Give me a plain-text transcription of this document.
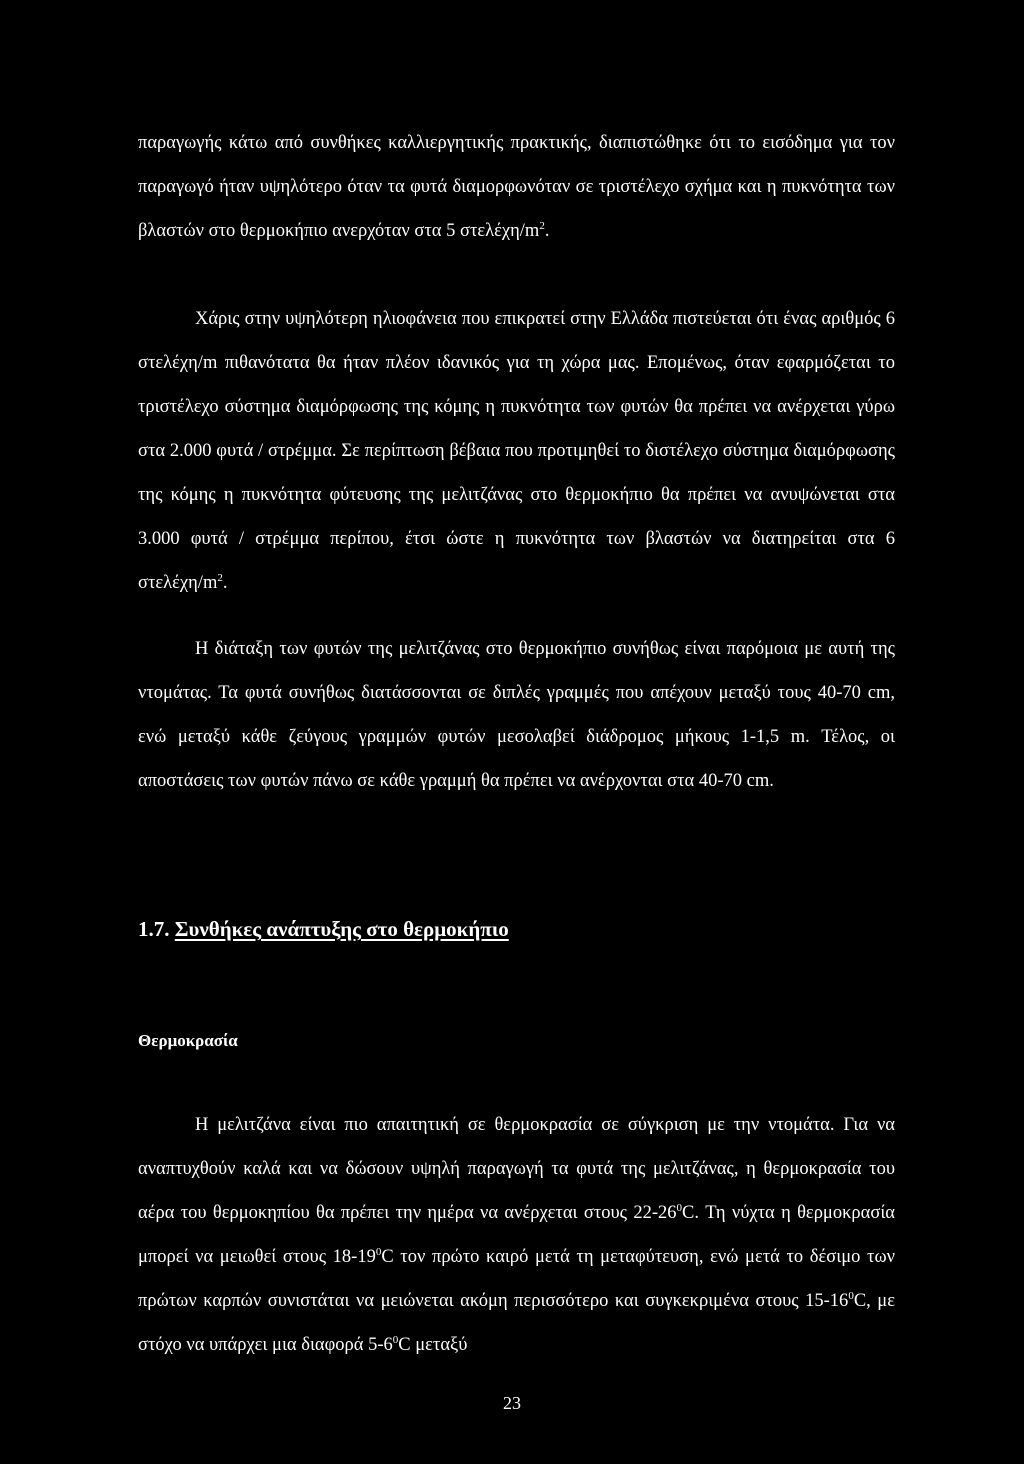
παραγωγής κάτω από συνθήκες καλλιεργητικής πρακτικής, διαπιστώθηκε ότι το εισόδημα για τον παραγωγό ήταν υψηλότερο όταν τα φυτά διαμορφωνόταν σε τριστέλεχο σχήμα και η πυκνότητα των βλαστών στο θερμοκήπιο ανερχόταν στα 5 στελέχη/$m^2$.

Χάρις στην υψηλότερη ηλιοφάνεια που επικρατεί στην Ελλάδα πιστεύεται ότι ένας αριθμός 6 στελέχη/m πιθανότατα θα ήταν πλέον ιδανικός για τη χώρα μας. Επομένως, όταν εφαρμόζεται το τριστέλεχο σύστημα διαμόρφωσης της κόμης η πυκνότητα των φυτών θα πρέπει να ανέρχεται γύρω στα 2.000 φυτά / στρέμμα. Σε περίπτωση βέβαια που προτιμηθεί το διστέλεχο σύστημα διαμόρφωσης της κόμης η πυκνότητα φύτευσης της μελιτζάνας στο θερμοκήπιο θα πρέπει να ανυψώνεται στα 3.000 φυτά / στρέμμα περίπου, έτσι ώστε η πυκνότητα των βλαστών να διατηρείται στα 6 στελέχη/$m^2$.

Η διάταξη των φυτών της μελιτζάνας στο θερμοκήπιο συνήθως είναι παρόμοια με αυτή της ντομάτας. Τα φυτά συνήθως διατάσσονται σε διπλές γραμμές που απέχουν μεταξύ τους 40-70 cm, ενώ μεταξύ κάθε ζεύγους γραμμών φυτών μεσολαβεί διάδρομος μήκους 1-1,5 m. Τέλος, οι αποστάσεις των φυτών πάνω σε κάθε γραμμή θα πρέπει να ανέρχονται στα 40-70 cm.

1.7. Συνθήκες ανάπτυξης στο θερμοκήπιο
Θερμοκρασία

Η μελιτζάνα είναι πιο απαιτητική σε θερμοκρασία σε σύγκριση με την ντομάτα. Για να αναπτυχθούν καλά και να δώσουν υψηλή παραγωγή τα φυτά της μελιτζάνας, η θερμοκρασία του αέρα του θερμοκηπίου θα πρέπει την ημέρα να ανέρχεται στους $22-26^0C$. Τη νύχτα η θερμοκρασία μπορεί να μειωθεί στους $18-19^0C$ τον πρώτο καιρό μετά τη μεταφύτευση, ενώ μετά το δέσιμο των πρώτων καρπών συνιστάται να μειώνεται ακόμη περισσότερο και συγκεκριμένα στους $15-16^0C$, με στόχο να υπάρχει μια διαφορά $5-6^0C$ μεταξύ

23
